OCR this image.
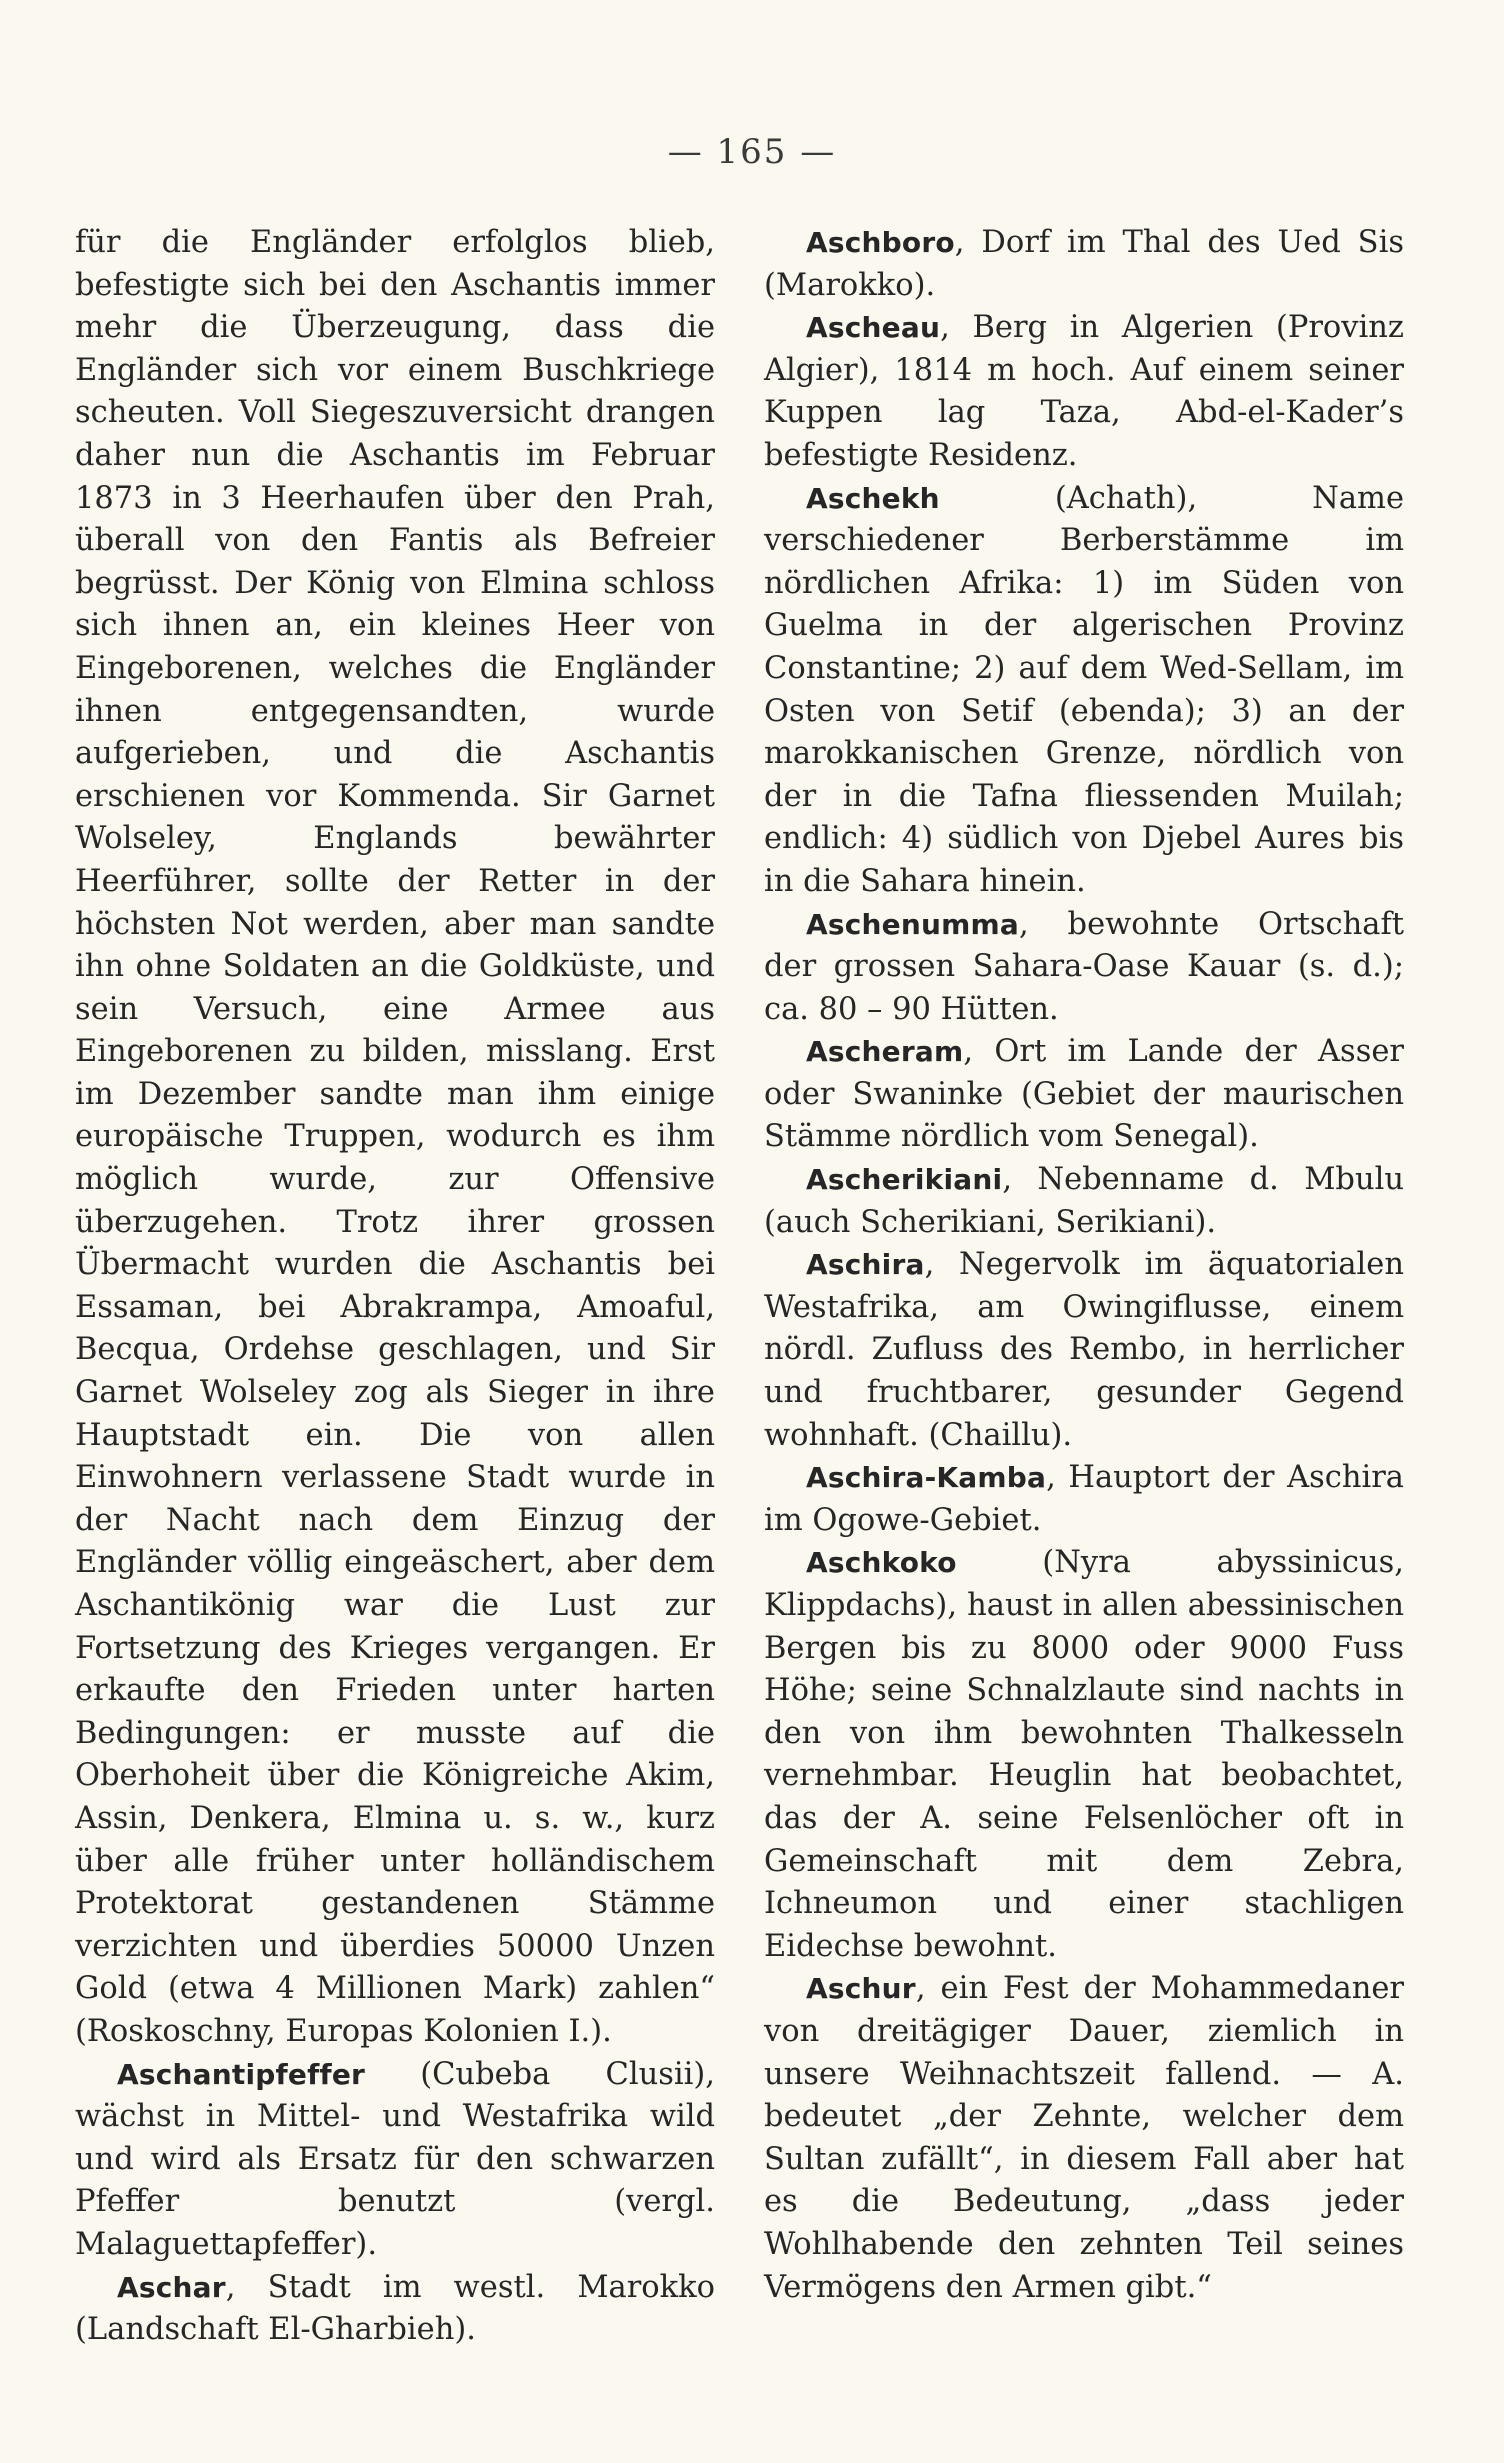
— 165 —

für die Engländer erfolglos blieb, befestigte sich bei den Aschantis immer mehr die Überzeugung, dass die Engländer sich vor einem Buschkriege scheuten. Voll Siegeszuversicht drangen daher nun die Aschantis im Februar 1873 in 3 Heerhaufen über den Prah, überall von den Fantis als Befreier begrüsst. Der König von Elmina schloss sich ihnen an, ein kleines Heer von Eingeborenen, welches die Engländer ihnen entgegensandten, wurde aufgerieben, und die Aschantis erschienen vor Kommenda. Sir Garnet Wolseley, Englands bewährter Heerführer, sollte der Retter in der höchsten Not werden, aber man sandte ihn ohne Soldaten an die Goldküste, und sein Versuch, eine Armee aus Eingeborenen zu bilden, misslang. Erst im Dezember sandte man ihm einige europäische Truppen, wodurch es ihm möglich wurde, zur Offensive überzugehen. Trotz ihrer grossen Übermacht wurden die Aschantis bei Essaman, bei Abrakrampa, Amoaful, Becqua, Ordehse geschlagen, und Sir Garnet Wolseley zog als Sieger in ihre Hauptstadt ein. Die von allen Einwohnern verlassene Stadt wurde in der Nacht nach dem Einzug der Engländer völlig eingeäschert, aber dem Aschantikönig war die Lust zur Fortsetzung des Krieges vergangen. Er erkaufte den Frieden unter harten Bedingungen: er musste auf die Oberhoheit über die Königreiche Akim, Assin, Denkera, Elmina u. s. w., kurz über alle früher unter holländischem Protektorat gestandenen Stämme verzichten und überdies 50000 Unzen Gold (etwa 4 Millionen Mark) zahlen“ (Roskoschny, Europas Kolonien I.).

Aschantipfeffer (Cubeba Clusii), wächst in Mittel- und Westafrika wild und wird als Ersatz für den schwarzen Pfeffer benutzt (vergl. Malaguettapfeffer).

Aschar, Stadt im westl. Marokko (Landschaft El-Gharbieh).

Aschboro, Dorf im Thal des Ued Sis (Marokko).

Ascheau, Berg in Algerien (Provinz Algier), 1814 m hoch. Auf einem seiner Kuppen lag Taza, Abd-el-Kader’s befestigte Residenz.

Aschekh (Achath), Name verschiedener Berberstämme im nördlichen Afrika: 1) im Süden von Guelma in der algerischen Provinz Constantine; 2) auf dem Wed-Sellam, im Osten von Setif (ebenda); 3) an der marokkanischen Grenze, nördlich von der in die Tafna fliessenden Muilah; endlich: 4) südlich von Djebel Aures bis in die Sahara hinein.

Aschenumma, bewohnte Ortschaft der grossen Sahara-Oase Kauar (s. d.); ca. 80 – 90 Hütten.

Ascheram, Ort im Lande der Asser oder Swaninke (Gebiet der maurischen Stämme nördlich vom Senegal).

Ascherikiani, Nebenname d. Mbulu (auch Scherikiani, Serikiani).

Aschira, Negervolk im äquatorialen Westafrika, am Owingiflusse, einem nördl. Zufluss des Rembo, in herrlicher und fruchtbarer, gesunder Gegend wohnhaft. (Chaillu).

Aschira-Kamba, Hauptort der Aschira im Ogowe-Gebiet.

Aschkoko (Nyra abyssinicus, Klippdachs), haust in allen abessinischen Bergen bis zu 8000 oder 9000 Fuss Höhe; seine Schnalzlaute sind nachts in den von ihm bewohnten Thalkesseln vernehmbar. Heuglin hat beobachtet, das der A. seine Felsenlöcher oft in Gemeinschaft mit dem Zebra, Ichneumon und einer stachligen Eidechse bewohnt.

Aschur, ein Fest der Mohammedaner von dreitägiger Dauer, ziemlich in unsere Weihnachtszeit fallend. — A. bedeutet „der Zehnte, welcher dem Sultan zufällt“, in diesem Fall aber hat es die Bedeutung, „dass jeder Wohlhabende den zehnten Teil seines Vermögens den Armen gibt.“
